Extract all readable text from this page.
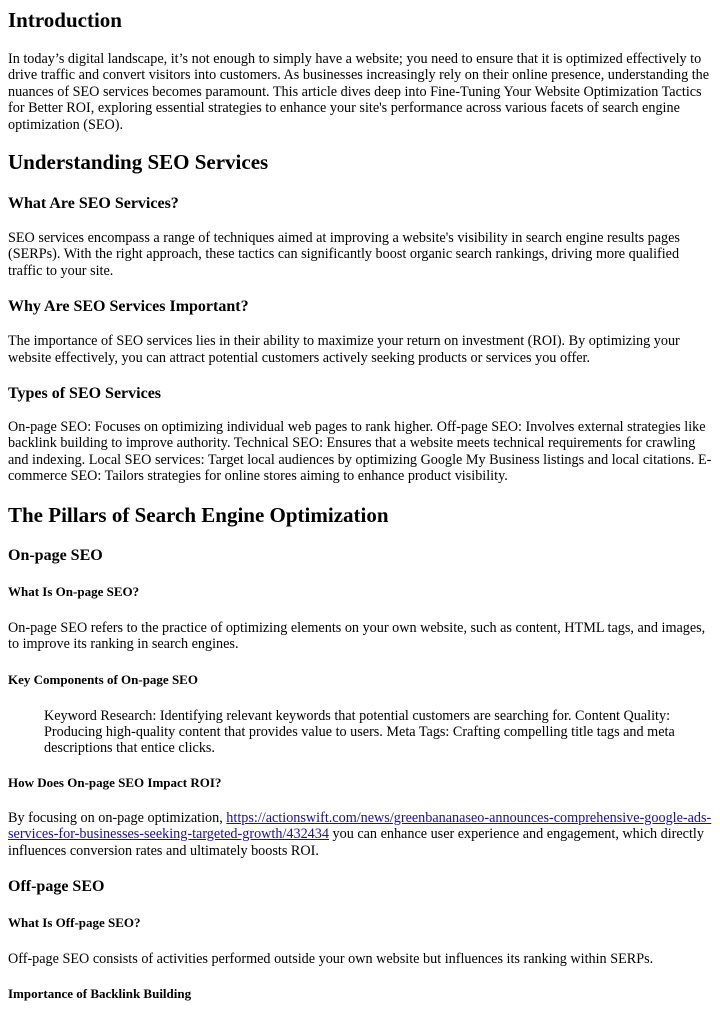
Introduction

In today’s digital landscape, it’s not enough to simply have a website; you need to ensure that it is optimized effectively to drive traffic and convert visitors into customers. As businesses increasingly rely on their online presence, understanding the nuances of SEO services becomes paramount. This article dives deep into Fine-Tuning Your Website Optimization Tactics for Better ROI, exploring essential strategies to enhance your site's performance across various facets of search engine optimization (SEO).

Understanding SEO Services
What Are SEO Services?

SEO services encompass a range of techniques aimed at improving a website's visibility in search engine results pages (SERPs). With the right approach, these tactics can significantly boost organic search rankings, driving more qualified traffic to your site.

Why Are SEO Services Important?

The importance of SEO services lies in their ability to maximize your return on investment (ROI). By optimizing your website effectively, you can attract potential customers actively seeking products or services you offer.

Types of SEO Services

On-page SEO: Focuses on optimizing individual web pages to rank higher. Off-page SEO: Involves external strategies like backlink building to improve authority. Technical SEO: Ensures that a website meets technical requirements for crawling and indexing. Local SEO services: Target local audiences by optimizing Google My Business listings and local citations. E-commerce SEO: Tailors strategies for online stores aiming to enhance product visibility.

The Pillars of Search Engine Optimization
On-page SEO
What Is On-page SEO?

On-page SEO refers to the practice of optimizing elements on your own website, such as content, HTML tags, and images, to improve its ranking in search engines.

Key Components of On-page SEO
Keyword Research: Identifying relevant keywords that potential customers are searching for. Content Quality: Producing high-quality content that provides value to users. Meta Tags: Crafting compelling title tags and meta descriptions that entice clicks.
How Does On-page SEO Impact ROI?

By focusing on on-page optimization, https://actionswift.com/news/greenbananaseo-announces-comprehensive-google-ads-services-for-businesses-seeking-targeted-growth/432434 you can enhance user experience and engagement, which directly influences conversion rates and ultimately boosts ROI.

Off-page SEO
What Is Off-page SEO?

Off-page SEO consists of activities performed outside your own website but influences its ranking within SERPs.

Importance of Backlink Building
